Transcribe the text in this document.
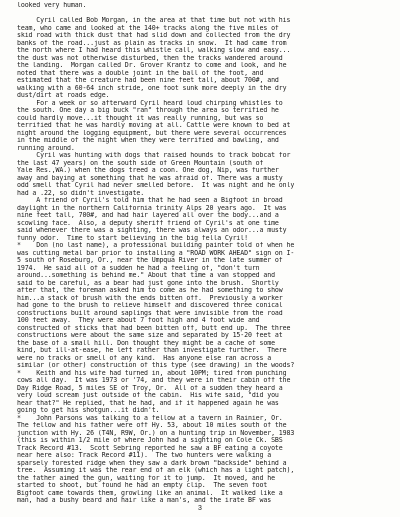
looked very human.
Cyril called Bob Morgan, in the area at that time but not with his
team, who came and looked at the 140+ tracks along the five miles of
skid road with thick dust that had slid down and collected from the dry
banks of the road...just as plain as tracks in snow.  It had came from
the north where I had heard this whistle call, walking slow and easy...
the dust was not otherwise disturbed, then the tracks wandered around
the landing.  Morgan called Dr. Grover Krantz to come and look, and he
noted that there was a double joint in the ball of the foot, and
estimated that the creature had been nine feet tall, about 700#, and
walking with a 60-64 inch stride, one foot sunk more deeply in the dry
dust/dirt at roads edge.
For a week or so afterward Cyril heard loud chirping whistles to
the south. One day a big buck "ran" through the area so terrified he
could hardly move...it thought it was really running, but was so
terrified that he was hardly moving at all. Cattle were known to bed at
night around the logging equipment, but there were several occurrences
in the middle of the night when they were terrified and bawling, and
running around.
Cyril was hunting with dogs that raised hounds to track bobcat for
the last 47 years) on the south side of Green Mountain (south of
Yale Res.,WA.) when the dogs treed a coon. One dog, Nip, was further
away and baying at something that he was afraid of. There was a musty
odd smell that Cyril had never smelled before.  It was night and he only
had a .22, so didn't investigate.
A friend of Cyril's told him that he had seen a Bigfoot in broad
daylight in the northern California trinity Alps 20 years ago.  It was
nine feet tall, 700#, and had hair layered all over the body...and a
scowling face.  Also, a deputy sheriff friend of Cyril's at one time
said whenever there was a sighting, there was always an odor...a musty
funny odor.  Time to start believing in the big fella Cyril!
*    Don (no last name), a professional building painter told of when he
was cutting metal bar prior to installing a "ROAD WORK AHEAD" sign on I-
5 south of Roseburg, Or., near the Umpqua River in the late summer of
1974.  He said all of a sudden he had a feeling of, "don't turn
around...something is behind me." About that time a van stopped and
said to be careful, as a bear had just gone into the brush.  Shortly
after that, the foreman asked him to come as he had something to show
him...a stack of brush with the ends bitten off.  Previously a worker
had gone to the brush to relieve himself and discovered three conical
constructions built around saplings that were invisible from the road
100 feet away.  They were about 7 foot high and 4 foot wide and
constructed of sticks that had been bitten off, butt end up.  The three
constructions were about the same size and separated by 15-20 feet at
the base of a small hill. Don thought they might be a cache of some
kind, but ill-at-ease, he left rather than investigate further.  There
were no tracks or smell of any kind.  Has anyone else ran across a
similar (or other) construction of this type (see drawing) in the woods?
*    Keith and his wife had turned in, about 10PM; tired from punching
cows all day.  It was 1973 or '74, and they were in their cabin off the
Day Ridge Road, 5 miles SE of Troy, Or.  All of a sudden they heard a
very loud scream just outside of the cabin.  His wife said, "did you
hear that?" He replied, that he had, and if it happened again he was
going to get his shotgun...it didn't.
*    John Parsons was talking to a fellow at a tavern in Rainier, Or.
The fellow and his father were off Hy. 53, about 10 miles south of the
junction with Hy. 26 (T4N, R9W, Or.) on a hunting trip in November, 1983
(this is within 1/2 mile of where John had a sighting on Cole Ck. SBS
Track Record #13.  Scott Sebring reported he saw a BF eating a coyote
near here also: Track Record #11).  The two hunters were walking a
sparsely forested ridge when they saw a dark brown "backside" behind a
tree.  Assuming it was the rear end of an elk (which has a light patch),
the father aimed the gun, waiting for it to jump.  It moved, and he
started to shoot, but found he had an empty clip.  The seven foot
Bigfoot came towards them, growling like an animal.  It walked like a
man, had a bushy beard and hair like a man's, and the irate BF was
3
